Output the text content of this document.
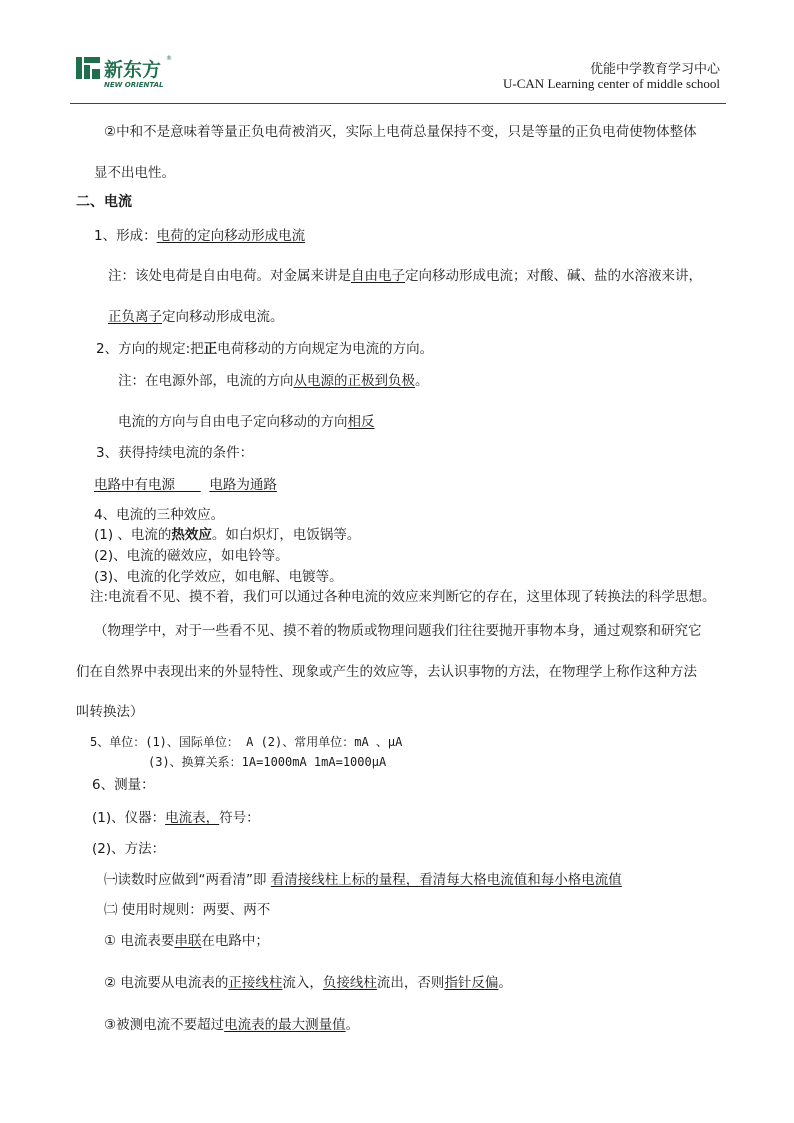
新东方
NEW ORIENTAL
®
优能中学教育学习中心
U-CAN Learning center of middle school
②中和不是意味着等量正负电荷被消灭，实际上电荷总量保持不变，只是等量的正负电荷使物体整体
显不出电性。
二、电流
1、形成：电荷的定向移动形成电流
注：该处电荷是自由电荷。对金属来讲是自由电子定向移动形成电流；对酸、碱、盐的水溶液来讲，
正负离子定向移动形成电流。
2、方向的规定:把正电荷移动的方向规定为电流的方向。
注：在电源外部，电流的方向从电源的正极到负极。
电流的方向与自由电子定向移动的方向相反
3、获得持续电流的条件：
电路中有电源	电路为通路
4、电流的三种效应。
(1) 、电流的热效应。如白炽灯，电饭锅等。
(2)、电流的磁效应，如电铃等。
(3)、电流的化学效应，如电解、电镀等。
注:电流看不见、摸不着，我们可以通过各种电流的效应来判断它的存在，这里体现了转换法的科学思想。
（物理学中，对于一些看不见、摸不着的物质或物理问题我们往往要抛开事物本身，通过观察和研究它
们在自然界中表现出来的外显特性、现象或产生的效应等，去认识事物的方法，在物理学上称作这种方法
叫转换法）
5、单位：(1)、国际单位： A (2)、常用单位：mA 、μA
(3)、换算关系：1A=1000mA 1mA=1000μA
6、测量：
(1)、仪器：电流表，符号：
(2)、方法：
㈠读数时应做到“两看清”即 看清接线柱上标的量程，看清每大格电流值和每小格电流值
㈡ 使用时规则：两要、两不
① 电流表要串联在电路中；
② 电流要从电流表的正接线柱流入，负接线柱流出，否则指针反偏。
③被测电流不要超过电流表的最大测量值。
